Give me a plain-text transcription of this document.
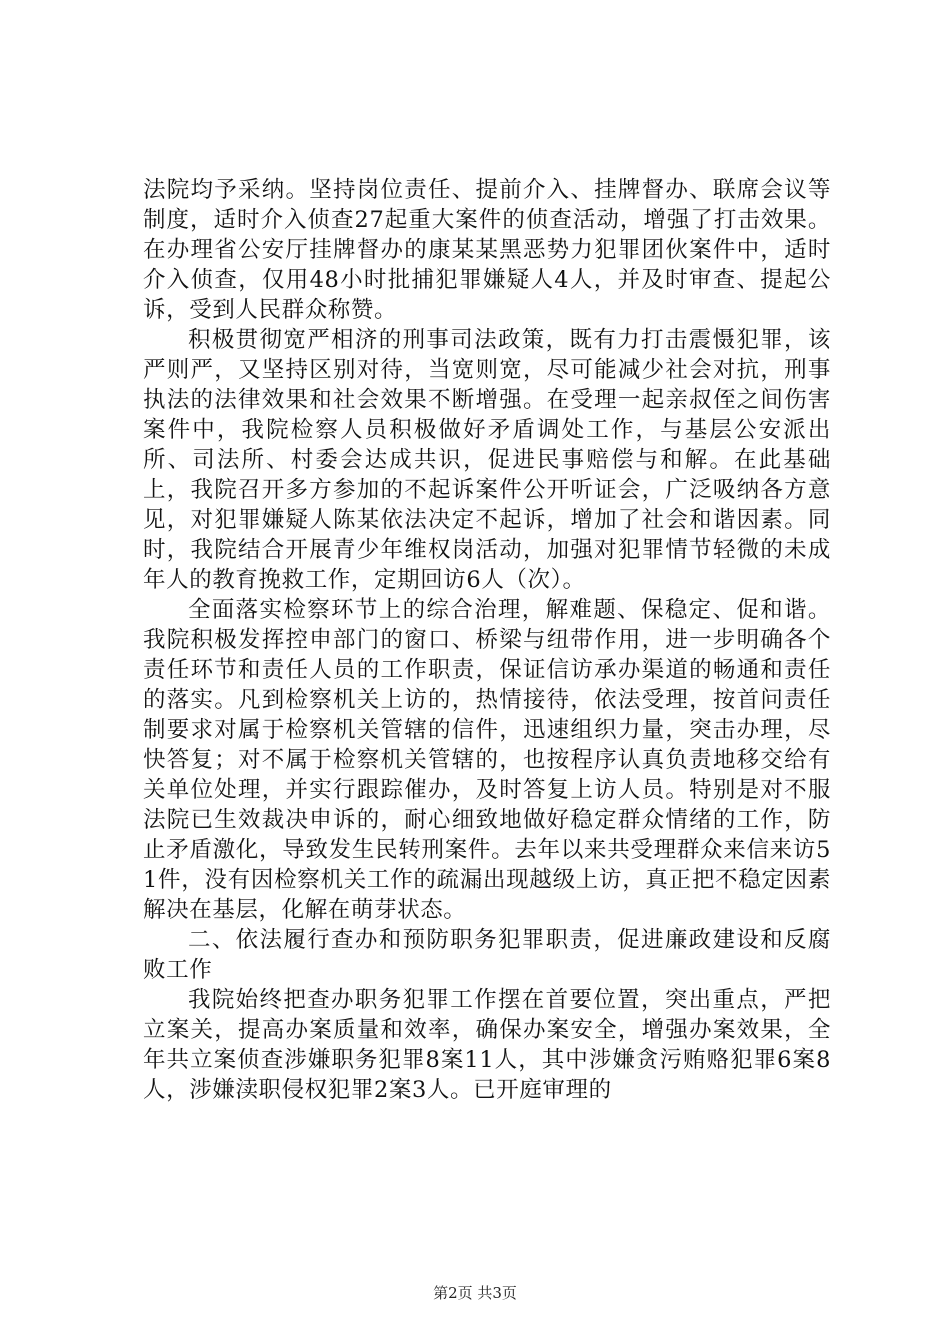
法院均予采纳。坚持岗位责任、提前介入、挂牌督办、联席会议等制度，适时介入侦查27起重大案件的侦查活动，增强了打击效果。在办理省公安厅挂牌督办的康某某黑恶势力犯罪团伙案件中，适时介入侦查，仅用48小时批捕犯罪嫌疑人4人，并及时审查、提起公诉，受到人民群众称赞。

积极贯彻宽严相济的刑事司法政策，既有力打击震慑犯罪，该严则严，又坚持区别对待，当宽则宽，尽可能减少社会对抗，刑事执法的法律效果和社会效果不断增强。在受理一起亲叔侄之间伤害案件中，我院检察人员积极做好矛盾调处工作，与基层公安派出所、司法所、村委会达成共识，促进民事赔偿与和解。在此基础上，我院召开多方参加的不起诉案件公开听证会，广泛吸纳各方意见，对犯罪嫌疑人陈某依法决定不起诉，增加了社会和谐因素。同时，我院结合开展青少年维权岗活动，加强对犯罪情节轻微的未成年人的教育挽救工作，定期回访6人（次）。

全面落实检察环节上的综合治理，解难题、保稳定、促和谐。我院积极发挥控申部门的窗口、桥梁与纽带作用，进一步明确各个责任环节和责任人员的工作职责，保证信访承办渠道的畅通和责任的落实。凡到检察机关上访的，热情接待，依法受理，按首问责任制要求对属于检察机关管辖的信件，迅速组织力量，突击办理，尽快答复；对不属于检察机关管辖的，也按程序认真负责地移交给有关单位处理，并实行跟踪催办，及时答复上访人员。特别是对不服法院已生效裁决申诉的，耐心细致地做好稳定群众情绪的工作，防止矛盾激化，导致发生民转刑案件。去年以来共受理群众来信来访51件，没有因检察机关工作的疏漏出现越级上访，真正把不稳定因素解决在基层，化解在萌芽状态。

二、依法履行查办和预防职务犯罪职责，促进廉政建设和反腐败工作

我院始终把查办职务犯罪工作摆在首要位置，突出重点，严把立案关，提高办案质量和效率，确保办案安全，增强办案效果，全年共立案侦查涉嫌职务犯罪8案11人，其中涉嫌贪污贿赂犯罪6案8人，涉嫌渎职侵权犯罪2案3人。已开庭审理的

第2页 共3页
